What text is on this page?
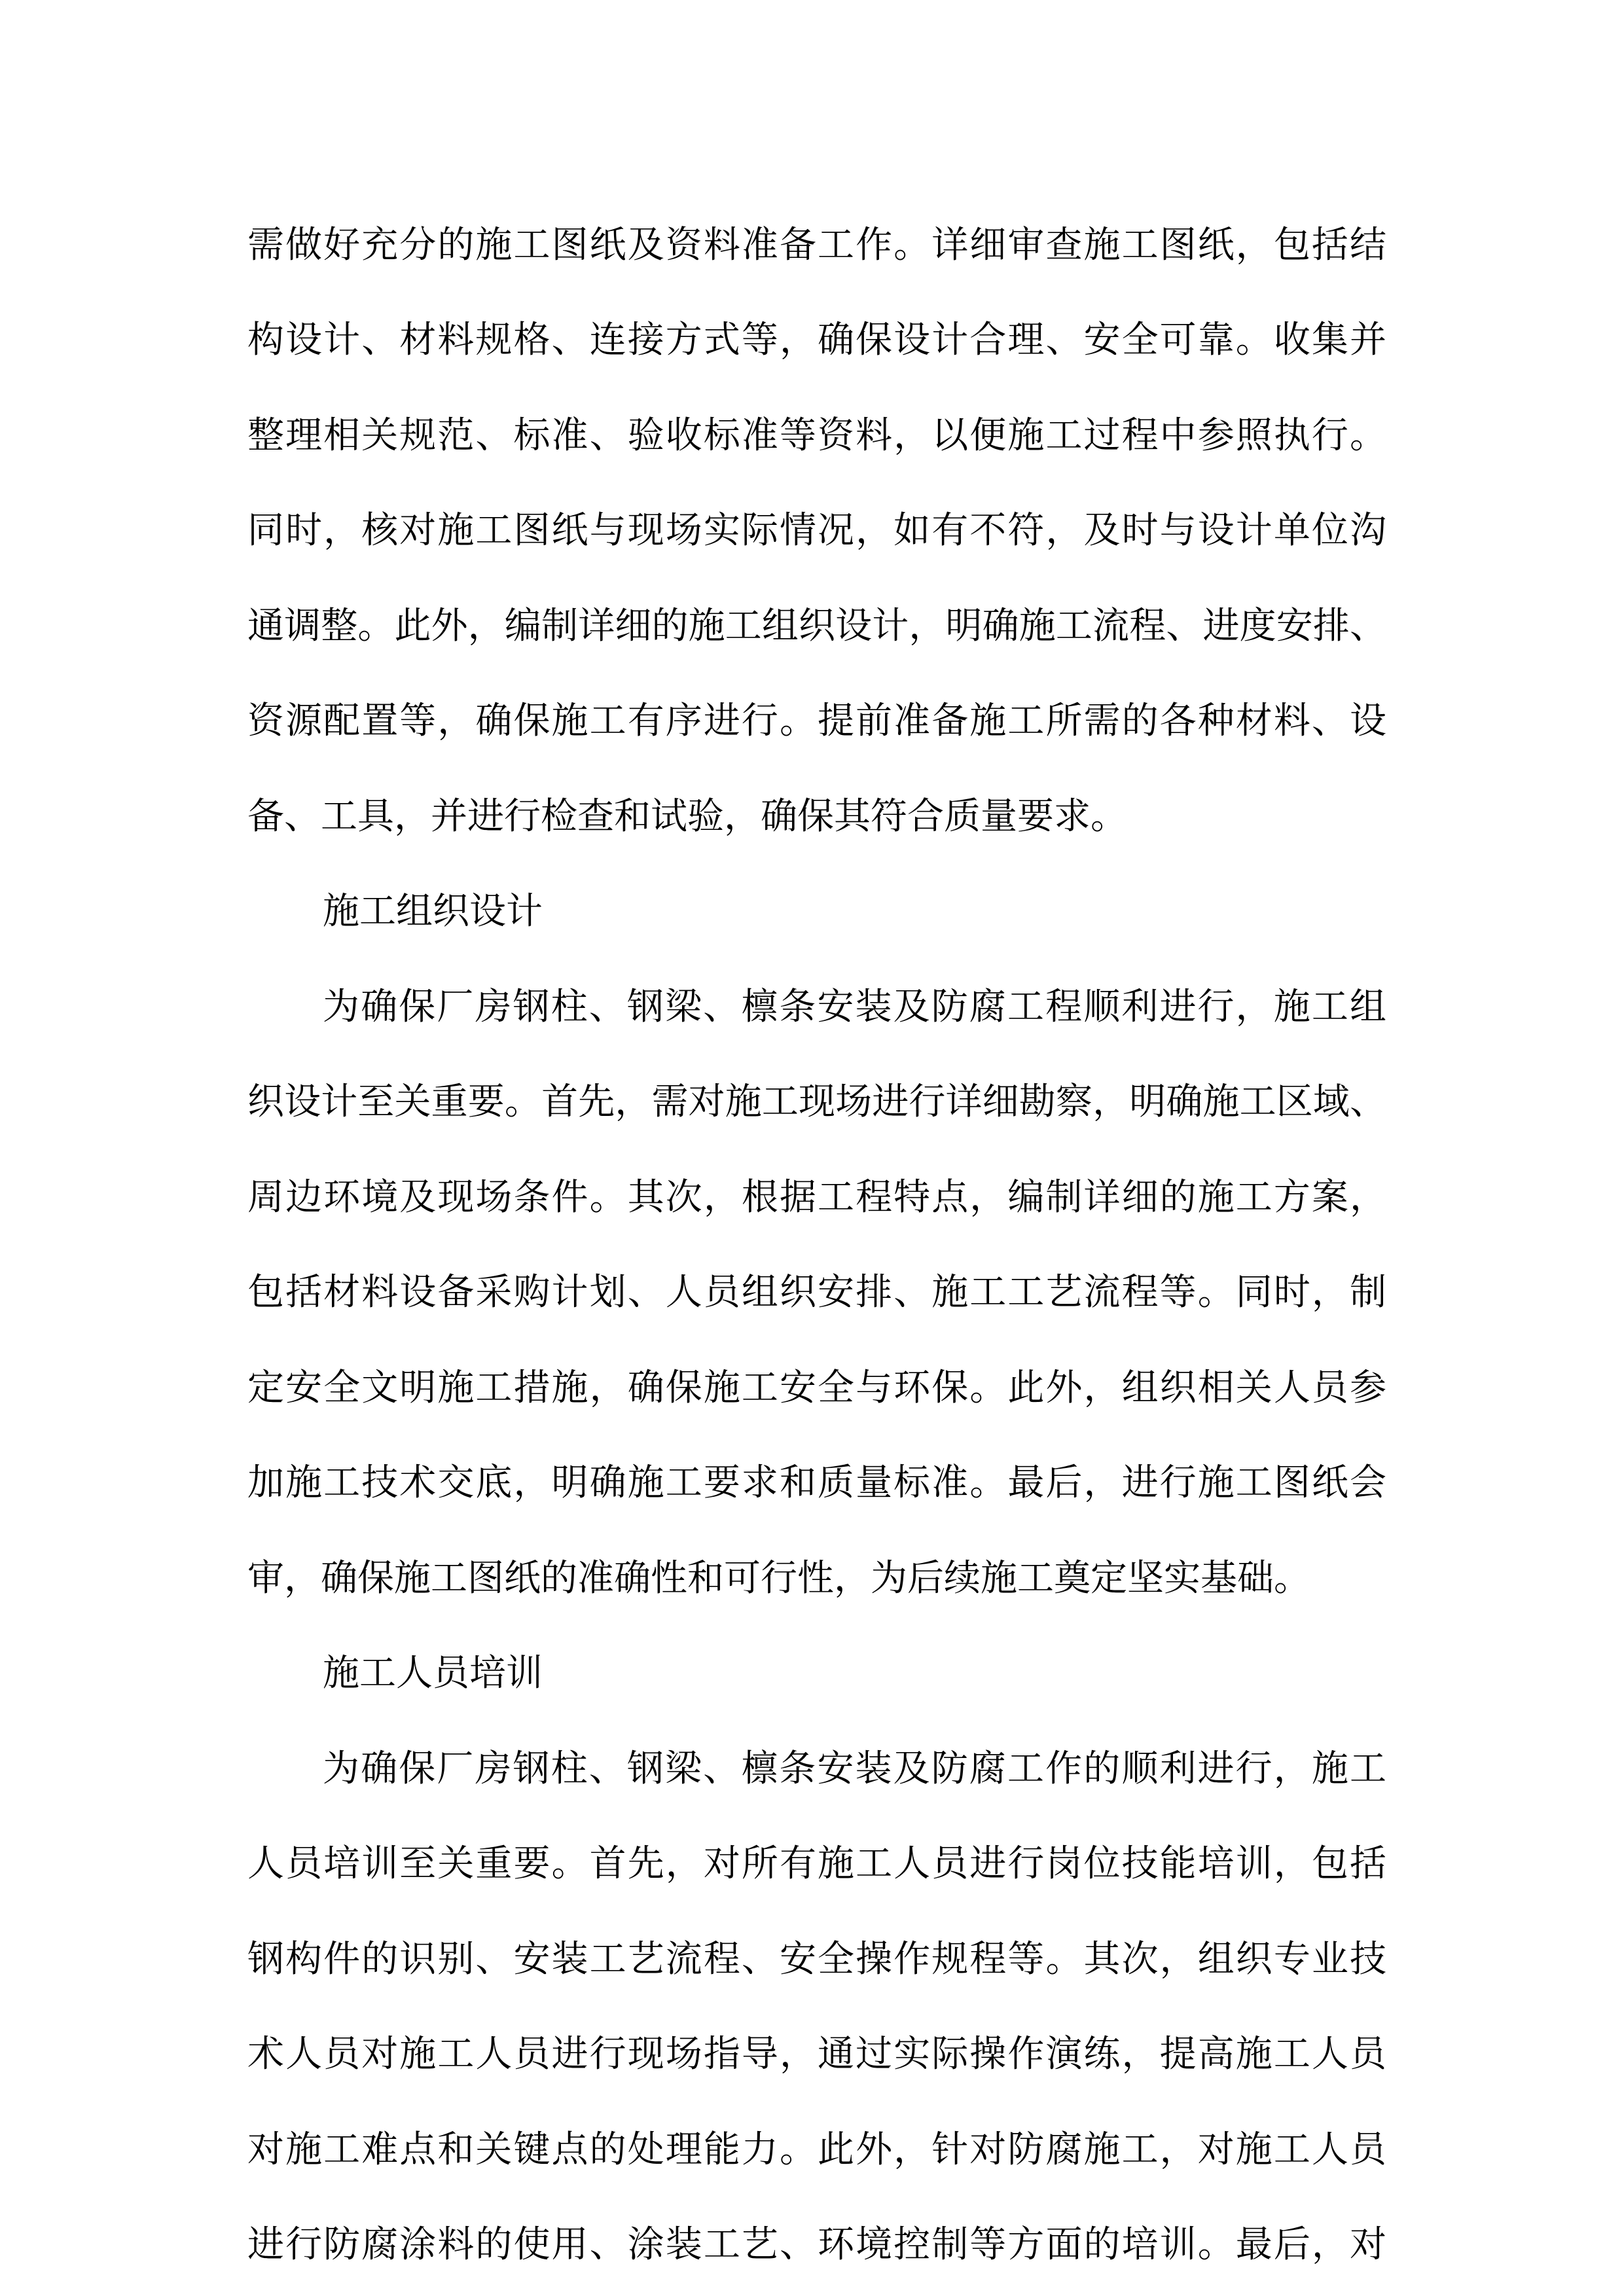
需做好充分的施工图纸及资料准备工作。详细审查施工图纸，包括结
构设计、材料规格、连接方式等，确保设计合理、安全可靠。收集并
整理相关规范、标准、验收标准等资料，以便施工过程中参照执行。
同时，核对施工图纸与现场实际情况，如有不符，及时与设计单位沟
通调整。此外，编制详细的施工组织设计，明确施工流程、进度安排、
资源配置等，确保施工有序进行。提前准备施工所需的各种材料、设
备、工具，并进行检查和试验，确保其符合质量要求。
施工组织设计
为确保厂房钢柱、钢梁、檩条安装及防腐工程顺利进行，施工组
织设计至关重要。首先，需对施工现场进行详细勘察，明确施工区域、
周边环境及现场条件。其次，根据工程特点，编制详细的施工方案，
包括材料设备采购计划、人员组织安排、施工工艺流程等。同时，制
定安全文明施工措施，确保施工安全与环保。此外，组织相关人员参
加施工技术交底，明确施工要求和质量标准。最后，进行施工图纸会
审，确保施工图纸的准确性和可行性，为后续施工奠定坚实基础。
施工人员培训
为确保厂房钢柱、钢梁、檩条安装及防腐工作的顺利进行，施工
人员培训至关重要。首先，对所有施工人员进行岗位技能培训，包括
钢构件的识别、安装工艺流程、安全操作规程等。其次，组织专业技
术人员对施工人员进行现场指导，通过实际操作演练，提高施工人员
对施工难点和关键点的处理能力。此外，针对防腐施工，对施工人员
进行防腐涂料的使用、涂装工艺、环境控制等方面的培训。最后，对
